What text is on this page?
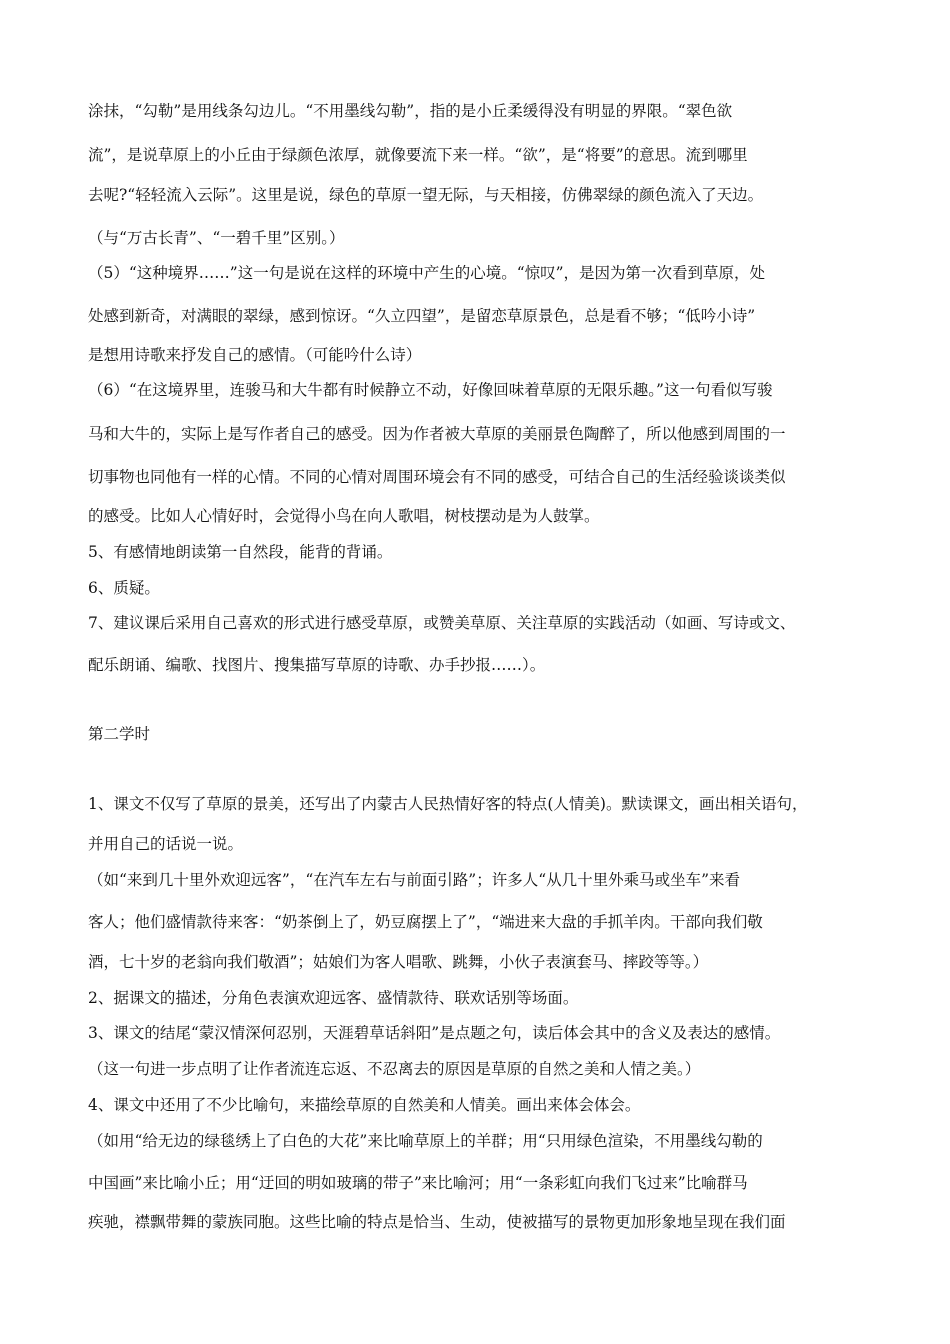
涂抹，“勾勒”是用线条勾边儿。“不用墨线勾勒”，指的是小丘柔缓得没有明显的界限。“翠色欲
流”，是说草原上的小丘由于绿颜色浓厚，就像要流下来一样。“欲”，是“将要”的意思。流到哪里
去呢?“轻轻流入云际”。这里是说，绿色的草原一望无际，与天相接，仿佛翠绿的颜色流入了天边。
（与“万古长青”、“一碧千里”区别。）
（5）“这种境界……”这一句是说在这样的环境中产生的心境。“惊叹”，是因为第一次看到草原，处
处感到新奇，对满眼的翠绿，感到惊讶。“久立四望”，是留恋草原景色，总是看不够；“低吟小诗”
是想用诗歌来抒发自己的感情。（可能吟什么诗）
（6）“在这境界里，连骏马和大牛都有时候静立不动，好像回味着草原的无限乐趣。”这一句看似写骏
马和大牛的，实际上是写作者自己的感受。因为作者被大草原的美丽景色陶醉了，所以他感到周围的一
切事物也同他有一样的心情。不同的心情对周围环境会有不同的感受，可结合自己的生活经验谈谈类似
的感受。比如人心情好时，会觉得小鸟在向人歌唱，树枝摆动是为人鼓掌。
5、有感情地朗读第一自然段，能背的背诵。
6、质疑。
7、建议课后采用自己喜欢的形式进行感受草原，或赞美草原、关注草原的实践活动（如画、写诗或文、
配乐朗诵、编歌、找图片、搜集描写草原的诗歌、办手抄报……）。
第二学时
1、课文不仅写了草原的景美，还写出了内蒙古人民热情好客的特点(人情美)。默读课文，画出相关语句，
并用自己的话说一说。
（如“来到几十里外欢迎远客”，“在汽车左右与前面引路”；许多人“从几十里外乘马或坐车”来看
客人；他们盛情款待来客：“奶茶倒上了，奶豆腐摆上了”，“端进来大盘的手抓羊肉。干部向我们敬
酒，七十岁的老翁向我们敬酒”；姑娘们为客人唱歌、跳舞，小伙子表演套马、摔跤等等。）
2、据课文的描述，分角色表演欢迎远客、盛情款待、联欢话别等场面。
3、课文的结尾“蒙汉情深何忍别，天涯碧草话斜阳”是点题之句，读后体会其中的含义及表达的感情。
（这一句进一步点明了让作者流连忘返、不忍离去的原因是草原的自然之美和人情之美。）
4、课文中还用了不少比喻句，来描绘草原的自然美和人情美。画出来体会体会。
（如用“给无边的绿毯绣上了白色的大花”来比喻草原上的羊群；用“只用绿色渲染，不用墨线勾勒的
中国画”来比喻小丘；用“迂回的明如玻璃的带子”来比喻河；用“一条彩虹向我们飞过来”比喻群马
疾驰，襟飘带舞的蒙族同胞。这些比喻的特点是恰当、生动，使被描写的景物更加形象地呈现在我们面
